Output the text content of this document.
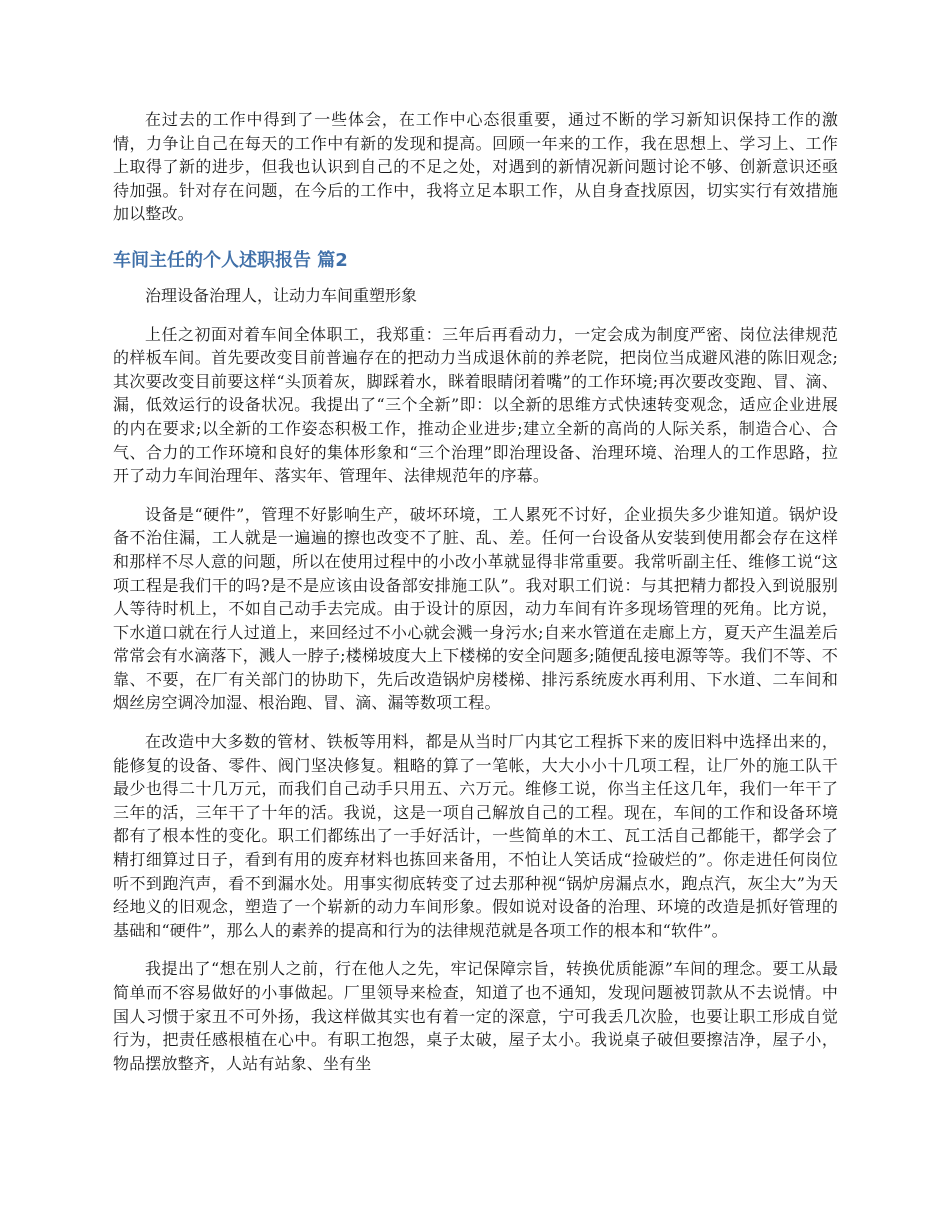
在过去的工作中得到了一些体会，在工作中心态很重要，通过不断的学习新知识保持工作的激情，力争让自己在每天的工作中有新的发现和提高。回顾一年来的工作，我在思想上、学习上、工作上取得了新的进步，但我也认识到自己的不足之处，对遇到的新情况新问题讨论不够、创新意识还亟待加强。针对存在问题，在今后的工作中，我将立足本职工作，从自身查找原因，切实实行有效措施加以整改。

车间主任的个人述职报告 篇2

治理设备治理人，让动力车间重塑形象

上任之初面对着车间全体职工，我郑重：三年后再看动力，一定会成为制度严密、岗位法律规范的样板车间。首先要改变目前普遍存在的把动力当成退休前的养老院，把岗位当成避风港的陈旧观念;其次要改变目前要这样“头顶着灰，脚踩着水，眯着眼睛闭着嘴”的工作环境;再次要改变跑、冒、滴、漏，低效运行的设备状况。我提出了“三个全新”即：以全新的思维方式快速转变观念，适应企业进展的内在要求;以全新的工作姿态积极工作，推动企业进步;建立全新的高尚的人际关系，制造合心、合气、合力的工作环境和良好的集体形象和“三个治理”即治理设备、治理环境、治理人的工作思路，拉开了动力车间治理年、落实年、管理年、法律规范年的序幕。

设备是“硬件”，管理不好影响生产，破坏环境，工人累死不讨好，企业损失多少谁知道。锅炉设备不治住漏，工人就是一遍遍的擦也改变不了脏、乱、差。任何一台设备从安装到使用都会存在这样和那样不尽人意的问题，所以在使用过程中的小改小革就显得非常重要。我常听副主任、维修工说“这项工程是我们干的吗?是不是应该由设备部安排施工队”。我对职工们说：与其把精力都投入到说服别人等待时机上，不如自己动手去完成。由于设计的原因，动力车间有许多现场管理的死角。比方说，下水道口就在行人过道上，来回经过不小心就会溅一身污水;自来水管道在走廊上方，夏天产生温差后常常会有水滴落下，溅人一脖子;楼梯坡度大上下楼梯的安全问题多;随便乱接电源等等。我们不等、不靠、不要，在厂有关部门的协助下，先后改造锅炉房楼梯、排污系统废水再利用、下水道、二车间和烟丝房空调冷加湿、根治跑、冒、滴、漏等数项工程。

在改造中大多数的管材、铁板等用料，都是从当时厂内其它工程拆下来的废旧料中选择出来的，能修复的设备、零件、阀门坚决修复。粗略的算了一笔帐，大大小小十几项工程，让厂外的施工队干最少也得二十几万元，而我们自己动手只用五、六万元。维修工说，你当主任这几年，我们一年干了三年的活，三年干了十年的活。我说，这是一项自己解放自己的工程。现在，车间的工作和设备环境都有了根本性的变化。职工们都练出了一手好活计，一些简单的木工、瓦工活自己都能干，都学会了精打细算过日子，看到有用的废弃材料也拣回来备用，不怕让人笑话成“捡破烂的”。你走进任何岗位听不到跑汽声，看不到漏水处。用事实彻底转变了过去那种视“锅炉房漏点水，跑点汽，灰尘大”为天经地义的旧观念，塑造了一个崭新的动力车间形象。假如说对设备的治理、环境的改造是抓好管理的基础和“硬件”，那么人的素养的提高和行为的法律规范就是各项工作的根本和“软件”。

我提出了“想在别人之前，行在他人之先，牢记保障宗旨，转换优质能源”车间的理念。要工从最简单而不容易做好的小事做起。厂里领导来检查，知道了也不通知，发现问题被罚款从不去说情。中国人习惯于家丑不可外扬，我这样做其实也有着一定的深意，宁可我丢几次脸，也要让职工形成自觉行为，把责任感根植在心中。有职工抱怨，桌子太破，屋子太小。我说桌子破但要擦洁净，屋子小，物品摆放整齐，人站有站象、坐有坐
